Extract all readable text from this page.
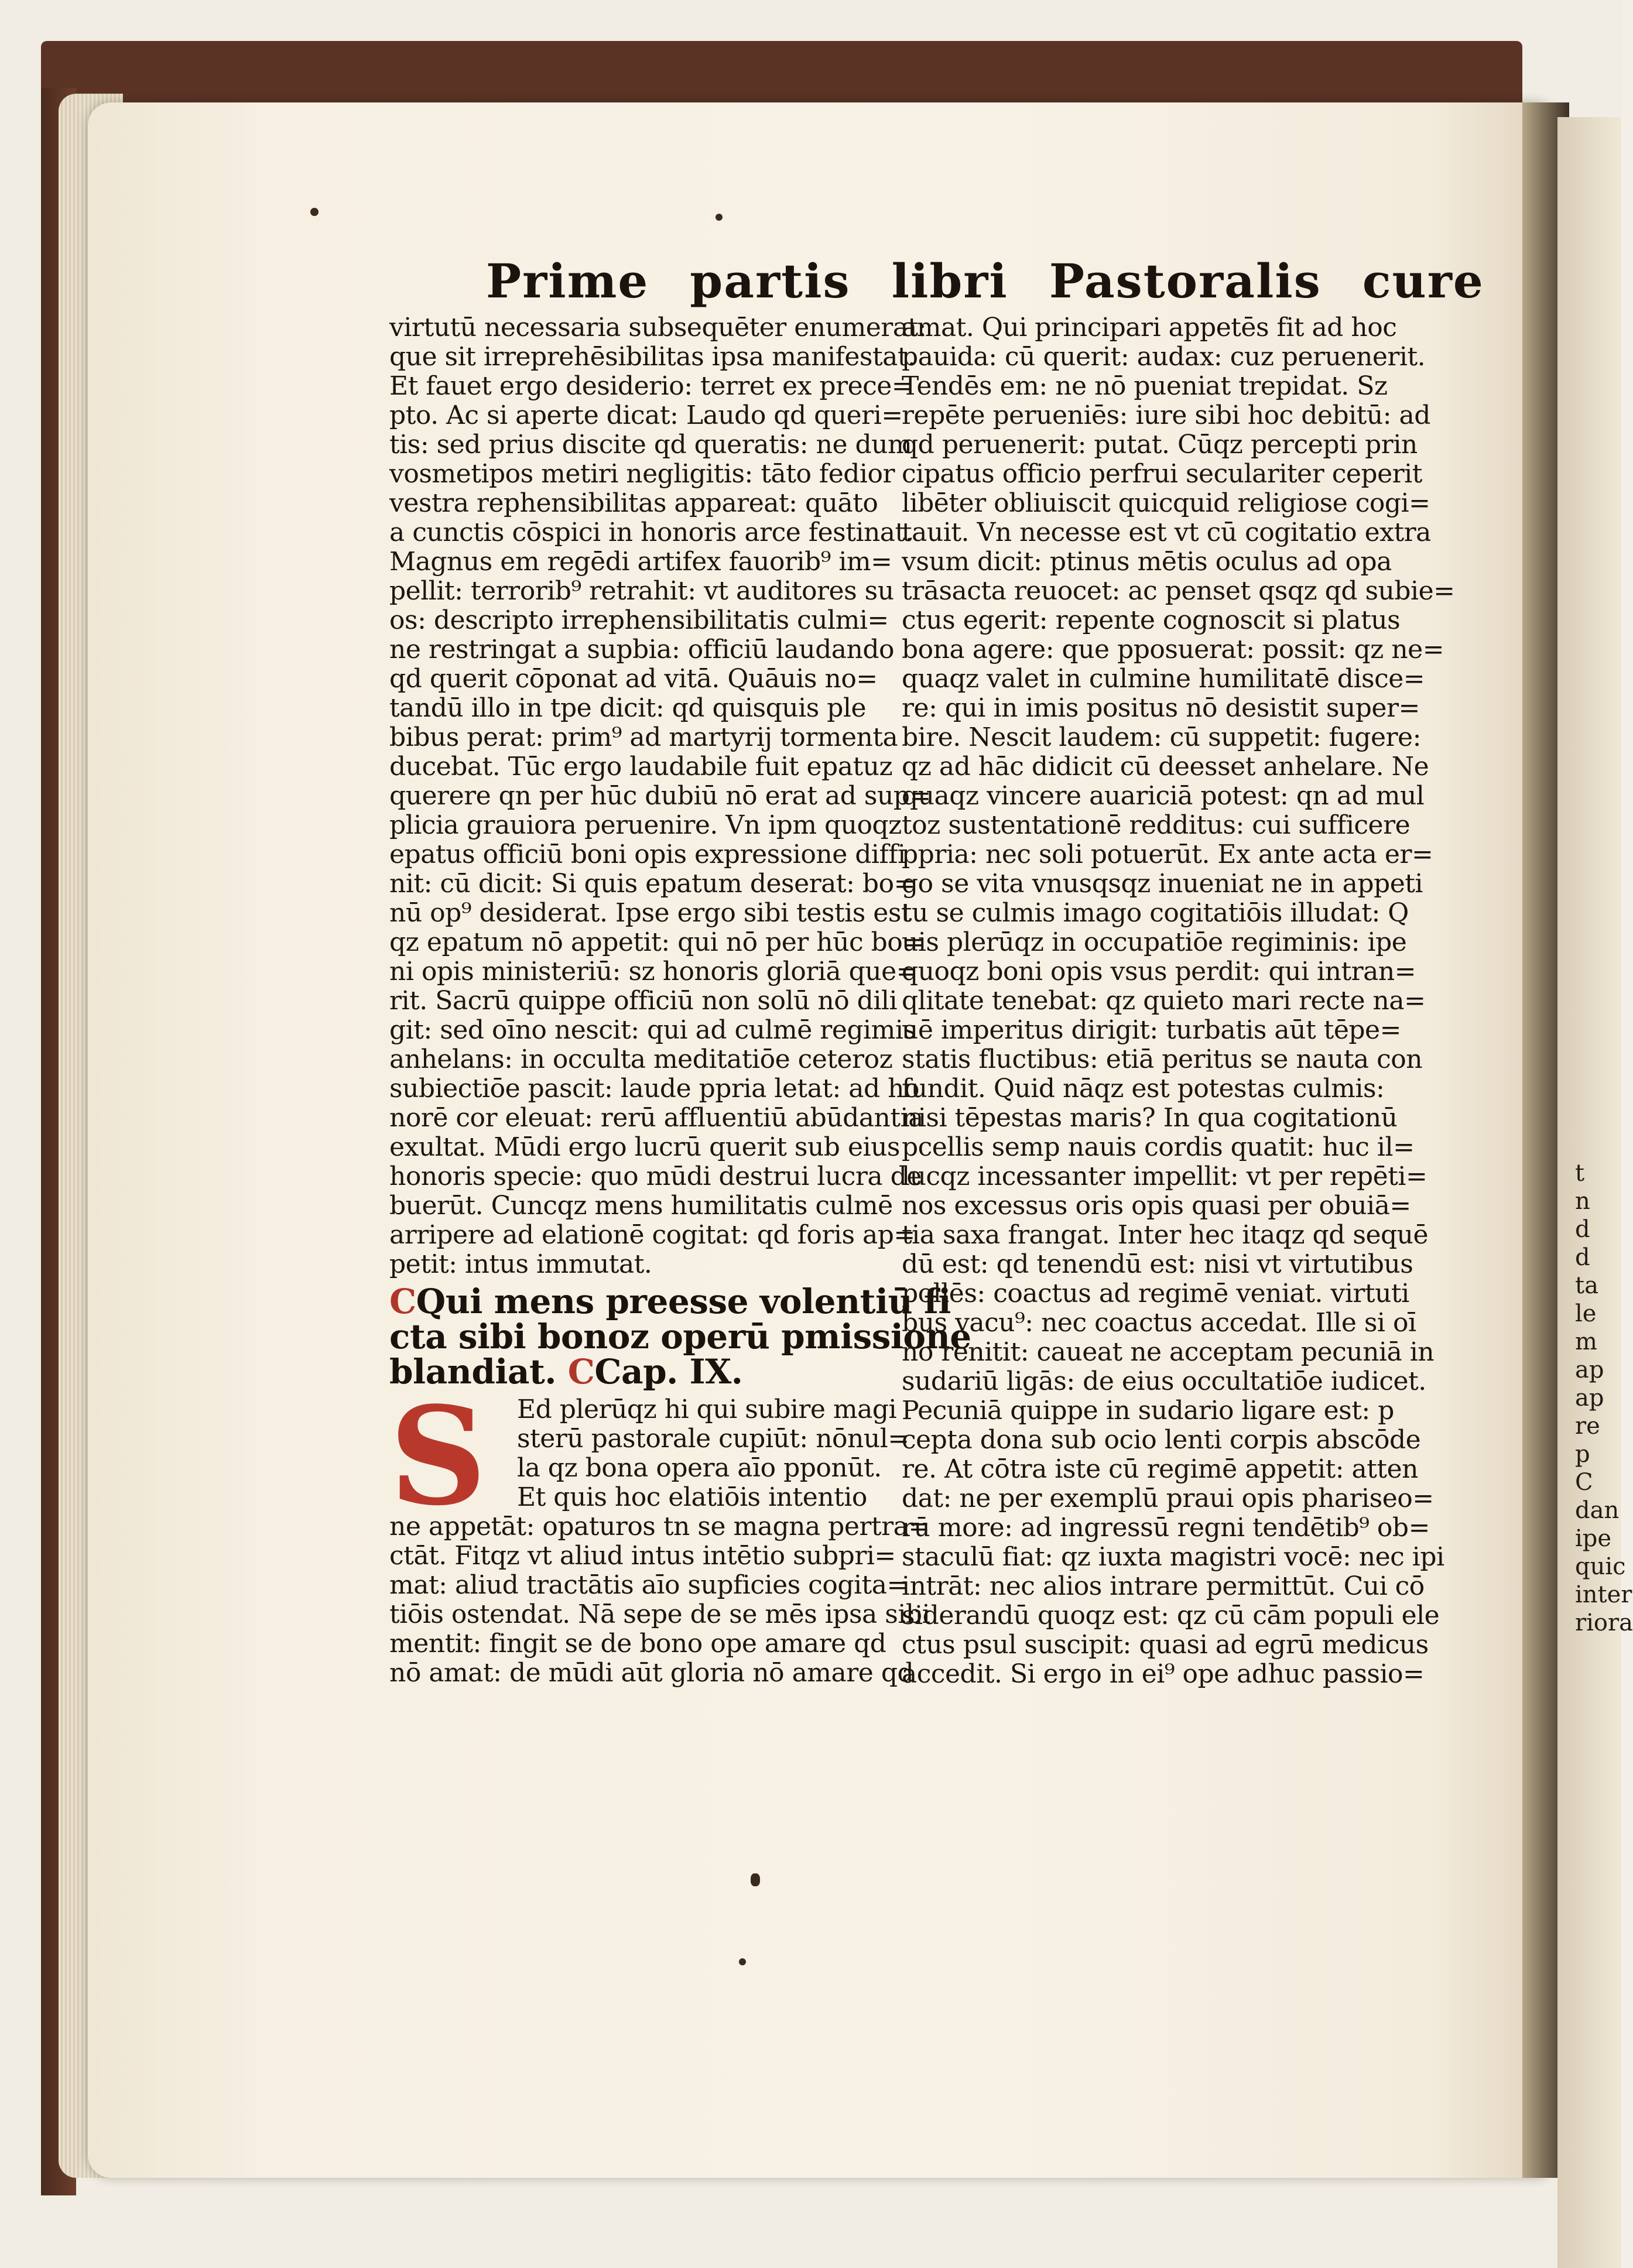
t
n
d
d
ta
le
m
ap
ap
re
p
C
dan
ipe
quic
inter
riora
Prime partis libri Pastoralis cure
virtutū necessaria subsequēter enumerat:
que sit irreprehēsibilitas ipsa manifestat.
Et fauet ergo desiderio: terret ex prece=
pto. Ac si aperte dicat: Laudo qd queri=
tis: sed prius discite qd queratis: ne dum
vosmetipos metiri negligitis: tāto fedior
vestra rephensibilitas appareat: quāto
a cunctis cōspici in honoris arce festinat.
Magnus em regēdi artifex fauorib⁹ im=
pellit: terrorib⁹ retrahit: vt auditores su
os: descripto irrephensibilitatis culmi=
ne restringat a supbia: officiū laudando
qd querit cōponat ad vitā. Quāuis no=
tandū illo in tpe dicit: qd quisquis ple
bibus perat: prim⁹ ad martyrij tormenta
ducebat. Tūc ergo laudabile fuit epatuz
querere qn per hūc dubiū nō erat ad sup=
plicia grauiora peruenire. Vn ipm quoqz
epatus officiū boni opis expressione diffi
nit: cū dicit: Si quis epatum deserat: bo=
nū op⁹ desiderat. Ipse ergo sibi testis est
qz epatum nō appetit: qui nō per hūc bo=
ni opis ministeriū: sz honoris gloriā que=
rit. Sacrū quippe officiū non solū nō dili
git: sed oīno nescit: qui ad culmē regimis
anhelans: in occulta meditatiōe ceteroz
subiectiōe pascit: laude ppria letat: ad ho
norē cor eleuat: rerū affluentiū abūdantia
exultat. Mūdi ergo lucrū querit sub eius
honoris specie: quo mūdi destrui lucra de
buerūt. Cuncqz mens humilitatis culmē
arripere ad elationē cogitat: qd foris ap=
petit: intus immutat.
CQui mens preesse volentiū fi
cta sibi bonoz operū pmissione
blandiat. CCap. IX.
S	Ed plerūqz hi qui subire magi
sterū pastorale cupiūt: nōnul=
la qz bona opera aīo pponūt.
Et quis hoc elatiōis intentio
ne appetāt: opaturos tn se magna pertra=
ctāt. Fitqz vt aliud intus intētio subpri=
mat: aliud tractātis aīo supficies cogita=
tiōis ostendat. Nā sepe de se mēs ipsa sibi
mentit: fingit se de bono ope amare qd
nō amat: de mūdi aūt gloria nō amare qd
amat. Qui principari appetēs fit ad hoc
pauida: cū querit: audax: cuz peruenerit.
Tendēs em: ne nō pueniat trepidat. Sz
repēte perueniēs: iure sibi hoc debitū: ad
qd peruenerit: putat. Cūqz percepti prin
cipatus officio perfrui seculariter ceperit
libēter obliuiscit quicquid religiose cogi=
tauit. Vn necesse est vt cū cogitatio extra
vsum dicit: ptinus mētis oculus ad opa
trāsacta reuocet: ac penset qsqz qd subie=
ctus egerit: repente cognoscit si platus
bona agere: que pposuerat: possit: qz ne=
quaqz valet in culmine humilitatē disce=
re: qui in imis positus nō desistit super=
bire. Nescit laudem: cū suppetit: fugere:
qz ad hāc didicit cū deesset anhelare. Ne
quaqz vincere auariciā potest: qn ad mul
toz sustentationē redditus: cui sufficere
ppria: nec soli potuerūt. Ex ante acta er=
go se vita vnusqsqz inueniat ne in appeti
tu se culmis imago cogitatiōis illudat: Q
uis plerūqz in occupatiōe regiminis: ipe
quoqz boni opis vsus perdit: qui intran=
qlitate tenebat: qz quieto mari recte na=
uē imperitus dirigit: turbatis aūt tēpe=
statis fluctibus: etiā peritus se nauta con
fundit. Quid nāqz est potestas culmis:
nisi tēpestas maris? In qua cogitationū
pcellis semp nauis cordis quatit: huc il=
lucqz incessanter impellit: vt per repēti=
nos excessus oris opis quasi per obuiā=
tia saxa frangat. Inter hec itaqz qd sequē
dū est: qd tenendū est: nisi vt virtutibus
pollēs: coactus ad regimē veniat. virtuti
bus vacu⁹: nec coactus accedat. Ille si oī
no renitit: caueat ne acceptam pecuniā in
sudariū ligās: de eius occultatiōe iudicet.
Pecuniā quippe in sudario ligare est: p
cepta dona sub ocio lenti corpis abscōde
re. At cōtra iste cū regimē appetit: atten
dat: ne per exemplū praui opis phariseo=
rū more: ad ingressū regni tendētib⁹ ob=
staculū fiat: qz iuxta magistri vocē: nec ipi
intrāt: nec alios intrare permittūt. Cui cō
siderandū quoqz est: qz cū cām populi ele
ctus psul suscipit: quasi ad egrū medicus
accedit. Si ergo in ei⁹ ope adhuc passio=
